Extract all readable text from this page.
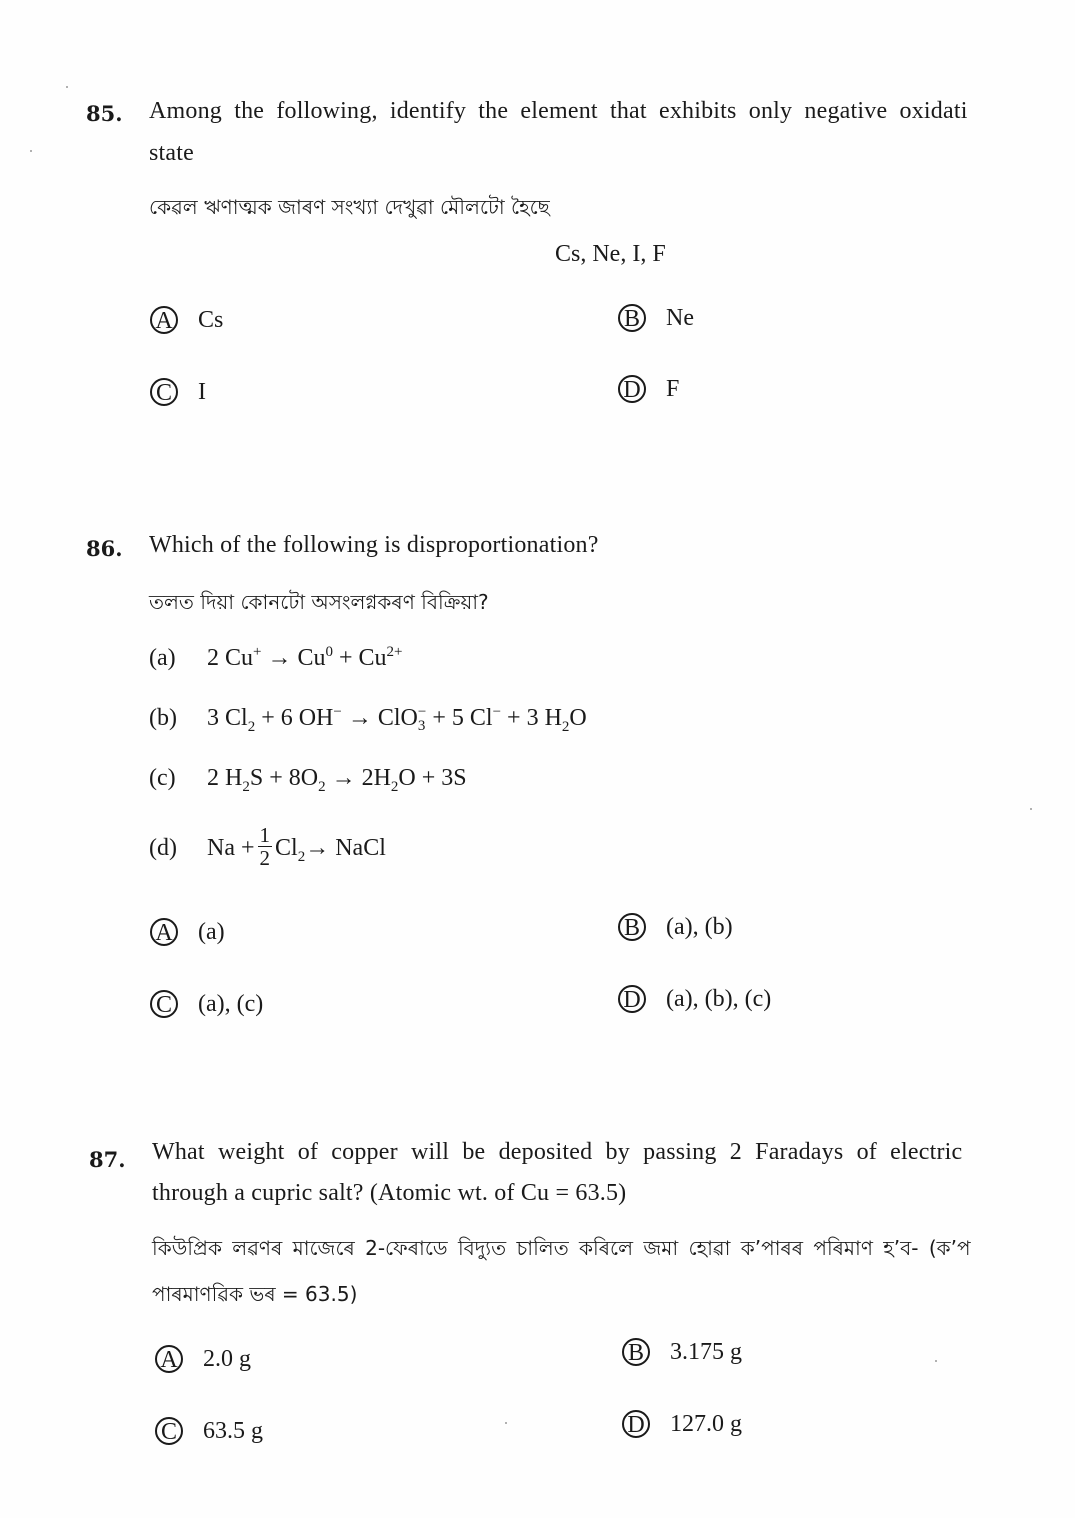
85. Among the following, identify the element that exhibits only negative oxidati
state
কেৱল ঋণাত্মক জাৰণ সংখ্যা দেখুৱা মৌলটো হৈছে
Cs, Ne, I, F
A Cs	B Ne
C I	D F
86. Which of the following is disproportionation?
তলত দিয়া কোনটো অসংলগ্নকৰণ বিক্ৰিয়া?
(a)	2 $Cu^+ \to Cu^0 + Cu^{2+}$
(b)	3 $Cl_2 + 6$ OH− → ClO −
3 + 5 Cl− + 3 $H_2O$
(c)	2 $H_2S + 8O_2 \to 2H_2O + 3S$
(d)	$Na + \frac{1}{2} Cl_2$ → NaCl
A (a)	B (a), (b)
C (a), (c)	D (a), (b), (c)
87. What weight of copper will be deposited by passing 2 Faradays of electric
through a cupric salt? (Atomic wt. of Cu = 63.5)
কিউপ্ৰিক লৱণৰ মাজেৰে 2-ফেৰাডে বিদ্যুত চালিত কৰিলে জমা হোৱা ক’পাৰৰ পৰিমাণ হ’ব- (ক’প
পাৰমাণৱিক ভৰ = 63.5)
A 2.0 g	B 3.175 g
C 63.5 g	D 127.0 g
